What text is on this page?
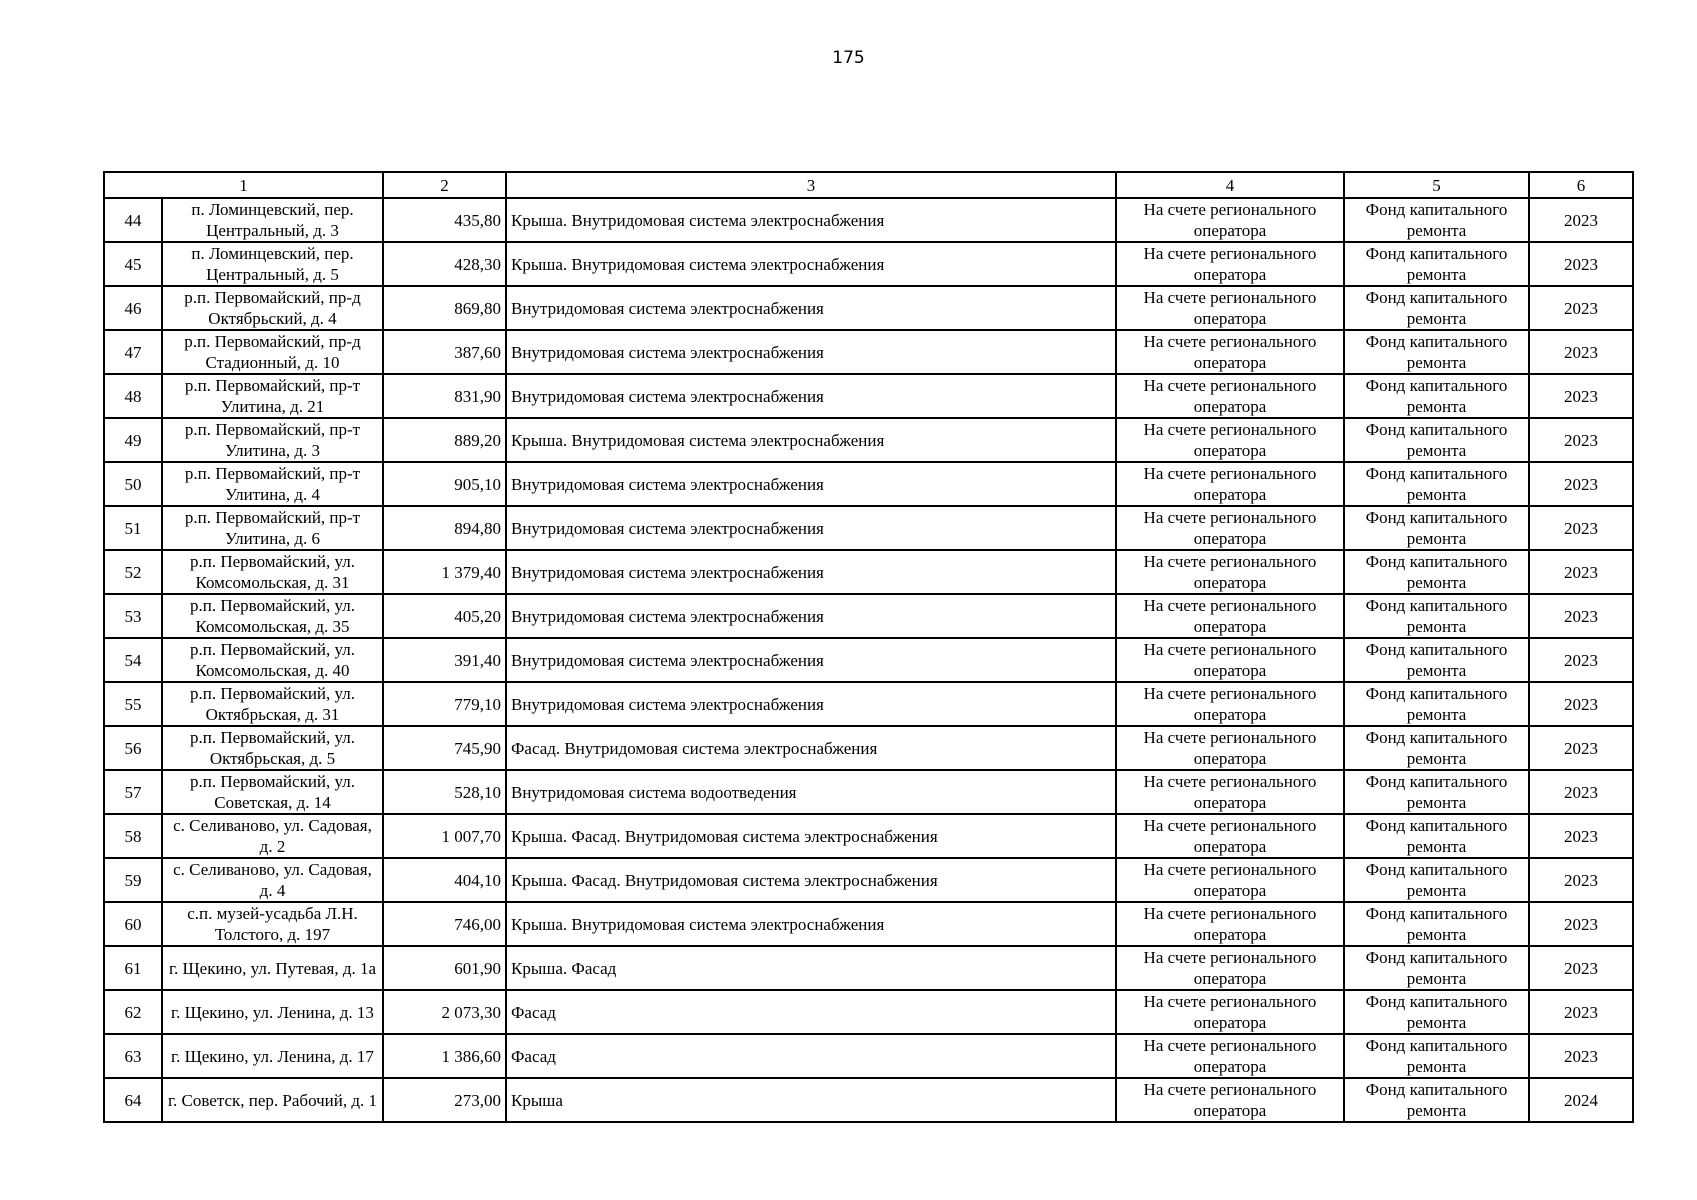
175
1		2	3	4	5	6
44	п. Ломинцевский, пер. Центральный, д. 3	435,80	Крыша. Внутридомовая система электроснабжения	На счете регионального оператора	Фонд капитального ремонта	2023
45	п. Ломинцевский, пер. Центральный, д. 5	428,30	Крыша. Внутридомовая система электроснабжения	На счете регионального оператора	Фонд капитального ремонта	2023
46	р.п. Первомайский, пр-д Октябрьский, д. 4	869,80	Внутридомовая система электроснабжения	На счете регионального оператора	Фонд капитального ремонта	2023
47	р.п. Первомайский, пр-д Стадионный, д. 10	387,60	Внутридомовая система электроснабжения	На счете регионального оператора	Фонд капитального ремонта	2023
48	р.п. Первомайский, пр-т Улитина, д. 21	831,90	Внутридомовая система электроснабжения	На счете регионального оператора	Фонд капитального ремонта	2023
49	р.п. Первомайский, пр-т Улитина, д. 3	889,20	Крыша. Внутридомовая система электроснабжения	На счете регионального оператора	Фонд капитального ремонта	2023
50	р.п. Первомайский, пр-т Улитина, д. 4	905,10	Внутридомовая система электроснабжения	На счете регионального оператора	Фонд капитального ремонта	2023
51	р.п. Первомайский, пр-т Улитина, д. 6	894,80	Внутридомовая система электроснабжения	На счете регионального оператора	Фонд капитального ремонта	2023
52	р.п. Первомайский, ул. Комсомольская, д. 31	1 379,40	Внутридомовая система электроснабжения	На счете регионального оператора	Фонд капитального ремонта	2023
53	р.п. Первомайский, ул. Комсомольская, д. 35	405,20	Внутридомовая система электроснабжения	На счете регионального оператора	Фонд капитального ремонта	2023
54	р.п. Первомайский, ул. Комсомольская, д. 40	391,40	Внутридомовая система электроснабжения	На счете регионального оператора	Фонд капитального ремонта	2023
55	р.п. Первомайский, ул. Октябрьская, д. 31	779,10	Внутридомовая система электроснабжения	На счете регионального оператора	Фонд капитального ремонта	2023
56	р.п. Первомайский, ул. Октябрьская, д. 5	745,90	Фасад. Внутридомовая система электроснабжения	На счете регионального оператора	Фонд капитального ремонта	2023
57	р.п. Первомайский, ул. Советская, д. 14	528,10	Внутридомовая система водоотведения	На счете регионального оператора	Фонд капитального ремонта	2023
58	с. Селиваново, ул. Садовая, д. 2	1 007,70	Крыша. Фасад. Внутридомовая система электроснабжения	На счете регионального оператора	Фонд капитального ремонта	2023
59	с. Селиваново, ул. Садовая, д. 4	404,10	Крыша. Фасад. Внутридомовая система электроснабжения	На счете регионального оператора	Фонд капитального ремонта	2023
60	с.п. музей-усадьба Л.Н. Толстого, д. 197	746,00	Крыша. Внутридомовая система электроснабжения	На счете регионального оператора	Фонд капитального ремонта	2023
61	г. Щекино, ул. Путевая, д. 1а	601,90	Крыша. Фасад	На счете регионального оператора	Фонд капитального ремонта	2023
62	г. Щекино, ул. Ленина, д. 13	2 073,30	Фасад	На счете регионального оператора	Фонд капитального ремонта	2023
63	г. Щекино, ул. Ленина, д. 17	1 386,60	Фасад	На счете регионального оператора	Фонд капитального ремонта	2023
64	г. Советск, пер. Рабочий, д. 1	273,00	Крыша	На счете регионального оператора	Фонд капитального ремонта	2024
